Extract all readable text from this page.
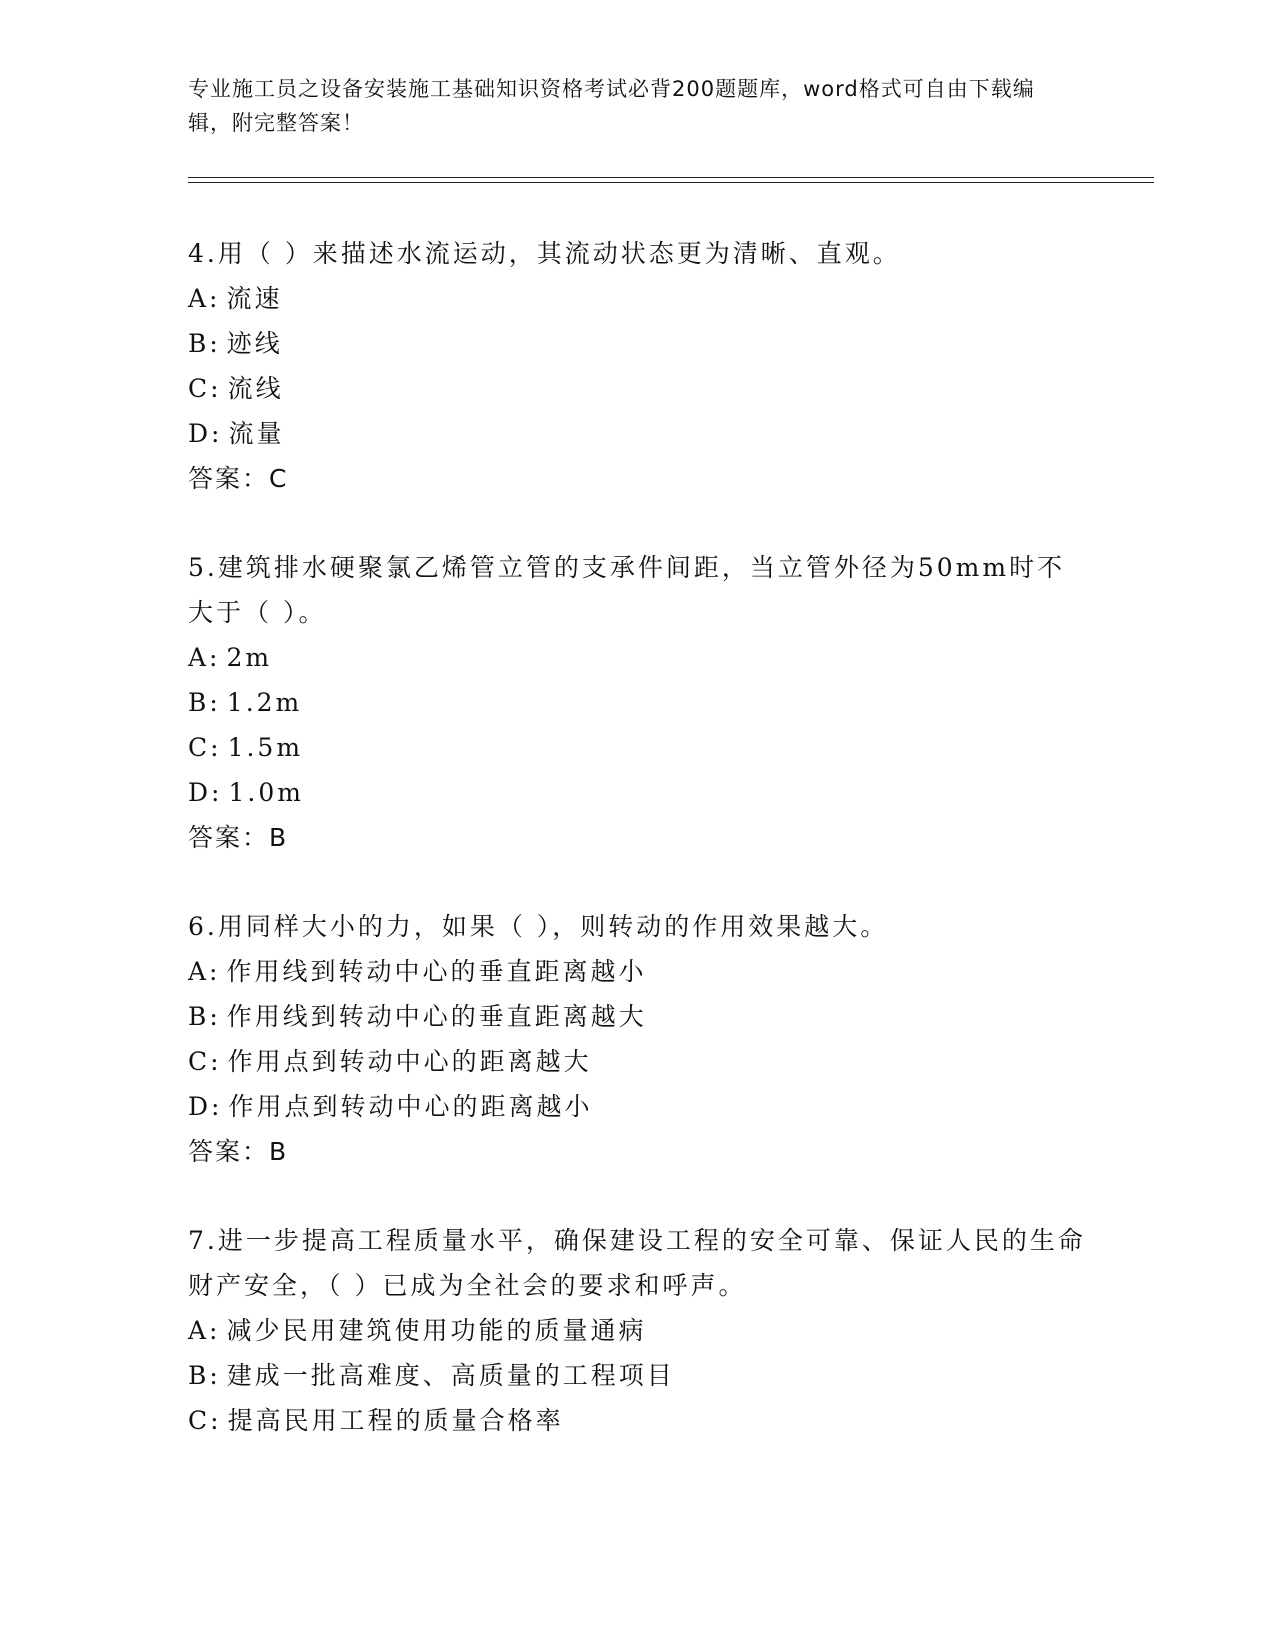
专业施工员之设备安装施工基础知识资格考试必背200题题库，word格式可自由下载编辑，附完整答案！

4.用（ ）来描述水流运动，其流动状态更为清晰、直观。

A: 流速

B: 迹线

C: 流线

D: 流量

答案：C

5.建筑排水硬聚氯乙烯管立管的支承件间距，当立管外径为50mm时不大于（ ）。

A: 2m

B: 1.2m

C: 1.5m

D: 1.0m

答案：B

6.用同样大小的力，如果（ ），则转动的作用效果越大。

A: 作用线到转动中心的垂直距离越小

B: 作用线到转动中心的垂直距离越大

C: 作用点到转动中心的距离越大

D: 作用点到转动中心的距离越小

答案：B

7.进一步提高工程质量水平，确保建设工程的安全可靠、保证人民的生命财产安全，（ ）已成为全社会的要求和呼声。

A: 减少民用建筑使用功能的质量通病

B: 建成一批高难度、高质量的工程项目

C: 提高民用工程的质量合格率
